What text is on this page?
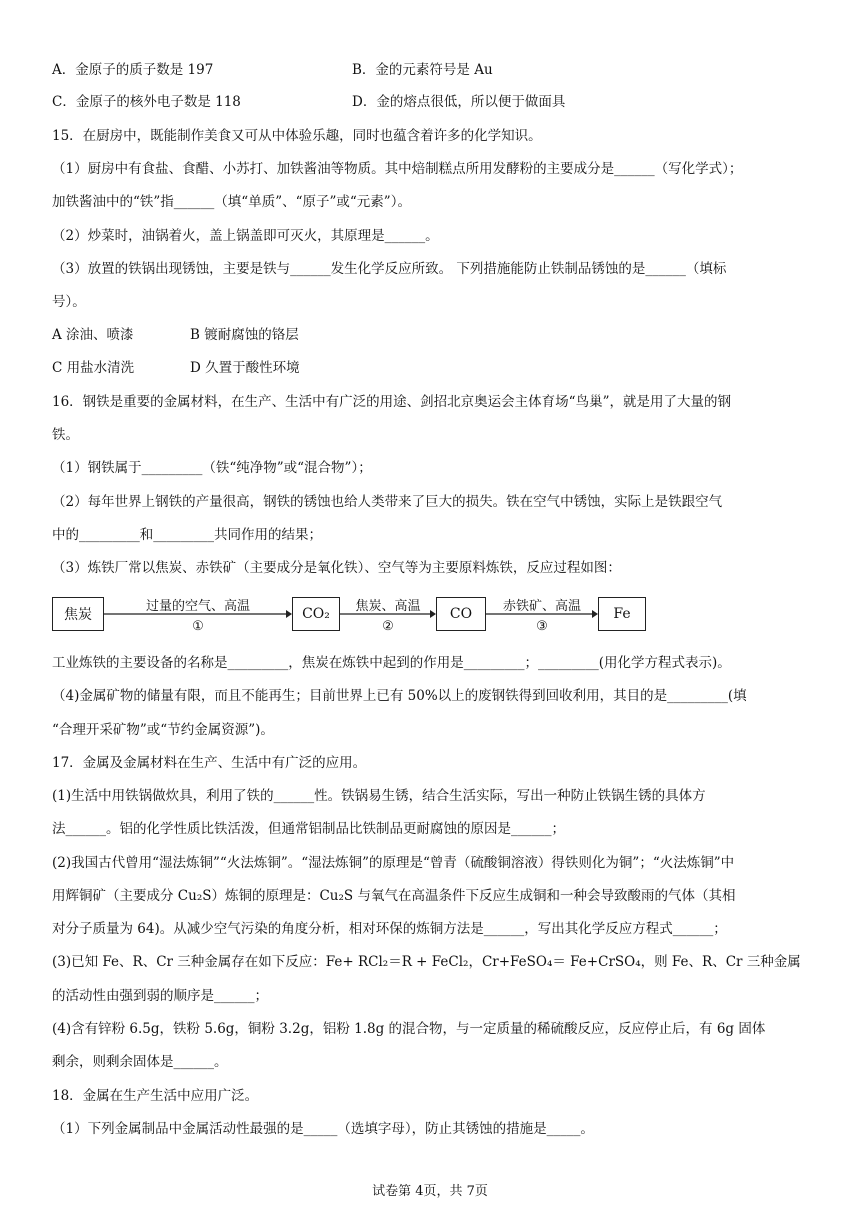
A．金原子的质子数是 197	B．金的元素符号是 Au
C．金原子的核外电子数是 118	D．金的熔点很低，所以便于做面具
15．在厨房中，既能制作美食又可从中体验乐趣，同时也蕴含着许多的化学知识。
（1）厨房中有食盐、食醋、小苏打、加铁酱油等物质。其中焙制糕点所用发酵粉的主要成分是______（写化学式）；
加铁酱油中的“铁”指______（填“单质”、“原子”或“元素”）。
（2）炒菜时，油锅着火，盖上锅盖即可灭火，其原理是______。
（3）放置的铁锅出现锈蚀，主要是铁与______发生化学反应所致。 下列措施能防止铁制品锈蚀的是______（填标
号）。
A 涂油、喷漆	B 镀耐腐蚀的铬层
C 用盐水清洗	D 久置于酸性环境
16．钢铁是重要的金属材料，在生产、生活中有广泛的用途、剑招北京奥运会主体育场“鸟巢”，就是用了大量的钢
铁。
（1）钢铁属于_________（铁“纯净物”或“混合物”）；
（2）每年世界上钢铁的产量很高，钢铁的锈蚀也给人类带来了巨大的损失。铁在空气中锈蚀，实际上是铁跟空气
中的_________和_________共同作用的结果；
（3）炼铁厂常以焦炭、赤铁矿（主要成分是氧化铁）、空气等为主要原料炼铁，反应过程如图：
工业炼铁的主要设备的名称是_________，焦炭在炼铁中起到的作用是_________；_________(用化学方程式表示)。
（4)金属矿物的储量有限，而且不能再生；目前世界上已有 50%以上的废钢铁得到回收利用，其目的是_________(填
“合理开采矿物”或“节约金属资源”)。
17．金属及金属材料在生产、生活中有广泛的应用。
(1)生活中用铁锅做炊具，利用了铁的______性。铁锅易生锈，结合生活实际，写出一种防止铁锅生锈的具体方
法______。铝的化学性质比铁活泼，但通常铝制品比铁制品更耐腐蚀的原因是______；
(2)我国古代曾用“湿法炼铜”“火法炼铜”。“湿法炼铜”的原理是“曾青（硫酸铜溶液）得铁则化为铜”；“火法炼铜”中
用辉铜矿（主要成分 Cu₂S）炼铜的原理是：Cu₂S 与氧气在高温条件下反应生成铜和一种会导致酸雨的气体（其相
对分子质量为 64)。从减少空气污染的角度分析，相对环保的炼铜方法是______，写出其化学反应方程式______；
(3)已知 Fe、R、Cr 三种金属存在如下反应：Fe+ RCl₂＝R + FeCl₂，Cr+FeSO₄＝ Fe+CrSO₄，则 Fe、R、Cr 三种金属
的活动性由强到弱的顺序是______；
(4)含有锌粉 6.5g，铁粉 5.6g，铜粉 3.2g，铝粉 1.8g 的混合物，与一定质量的稀硫酸反应，反应停止后，有 6g 固体
剩余，则剩余固体是______。
18．金属在生产生活中应用广泛。
（1）下列金属制品中金属活动性最强的是_____（选填字母），防止其锈蚀的措施是_____。
焦炭
过量的空气、高温
①
CO₂	焦炭、高温
②
CO	赤铁矿、高温
③
Fe
试卷第 4页，共 7页
